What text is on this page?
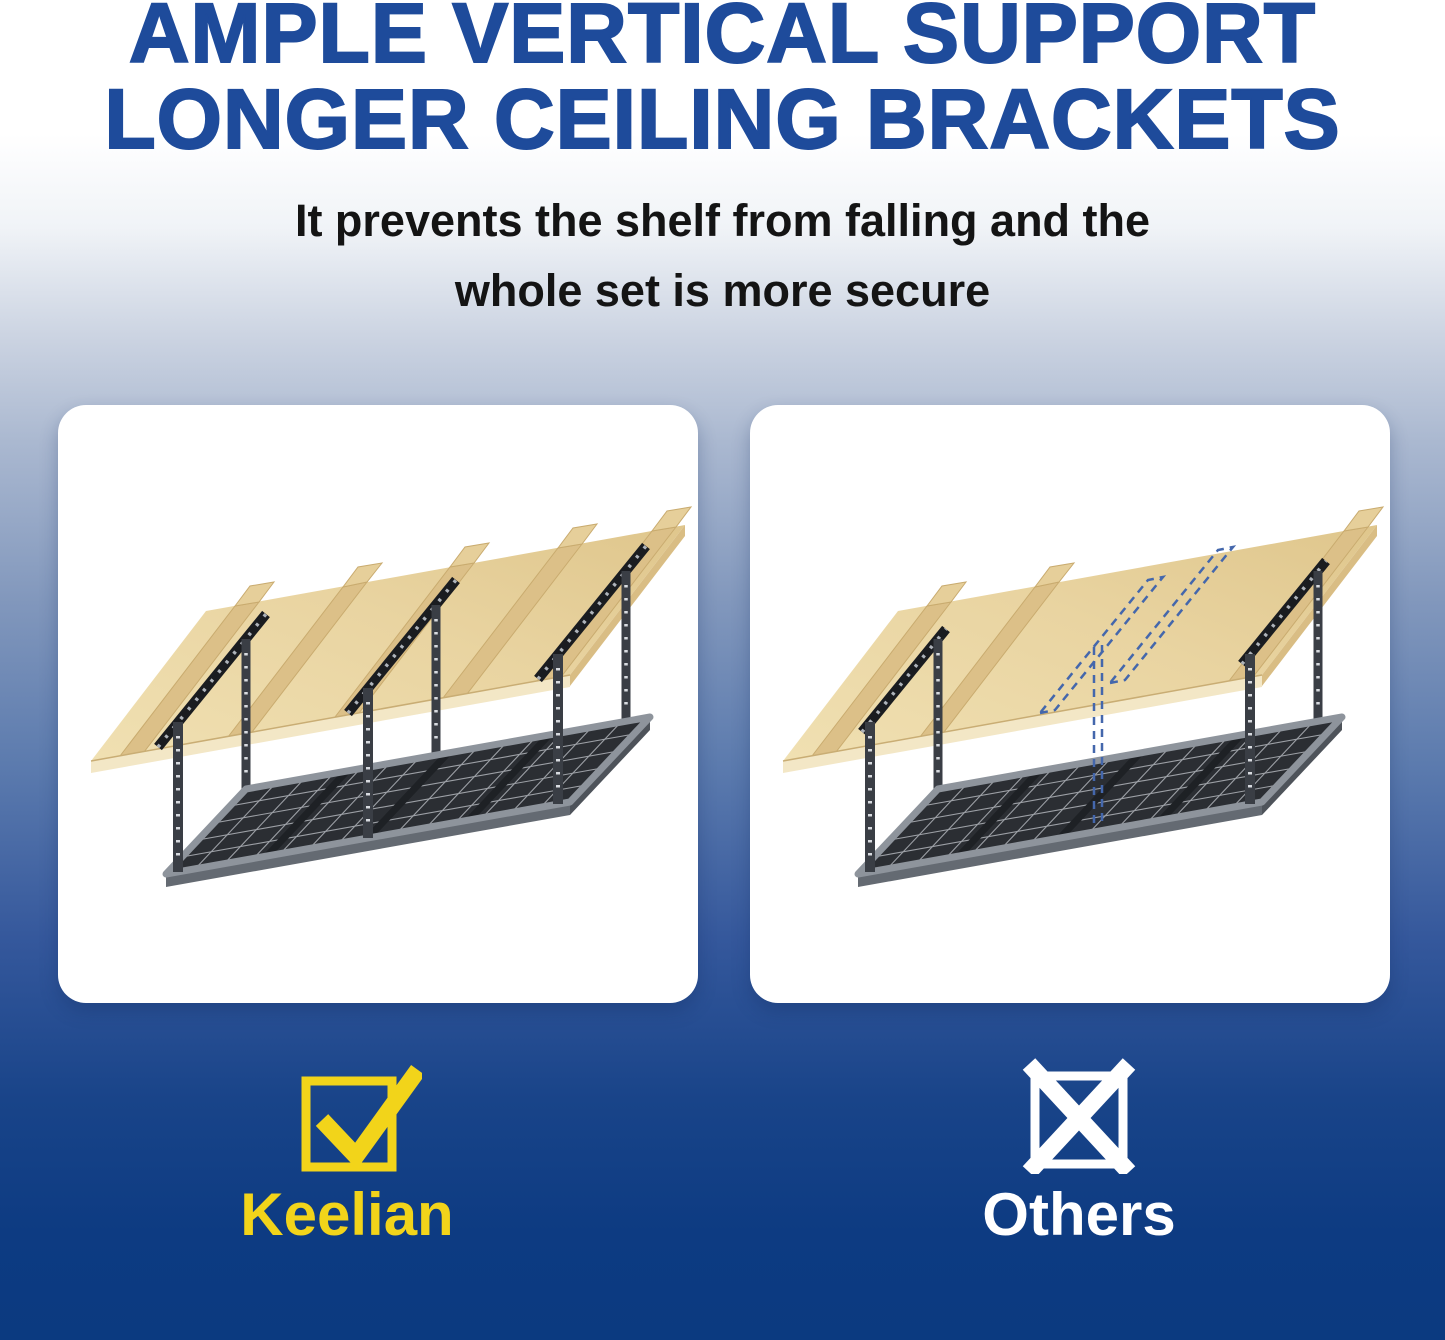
AMPLE VERTICAL SUPPORT
LONGER CEILING BRACKETS

It prevents the shelf from falling and the
whole set is more secure

Keelian	Others
